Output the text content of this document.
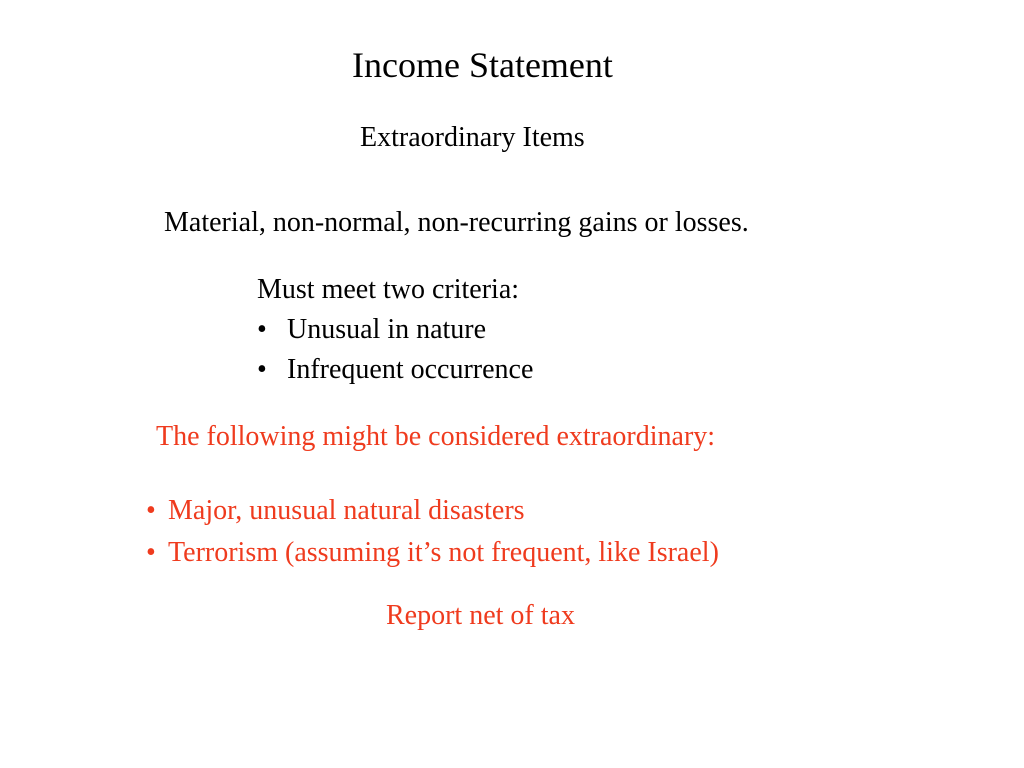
Income Statement
Extraordinary Items
Material, non-normal, non-recurring gains or losses.
Must meet two criteria:
• Unusual in nature
• Infrequent occurrence
The following might be considered extraordinary:
• Major, unusual natural disasters
• Terrorism (assuming it’s not frequent, like Israel)
Report net of tax
